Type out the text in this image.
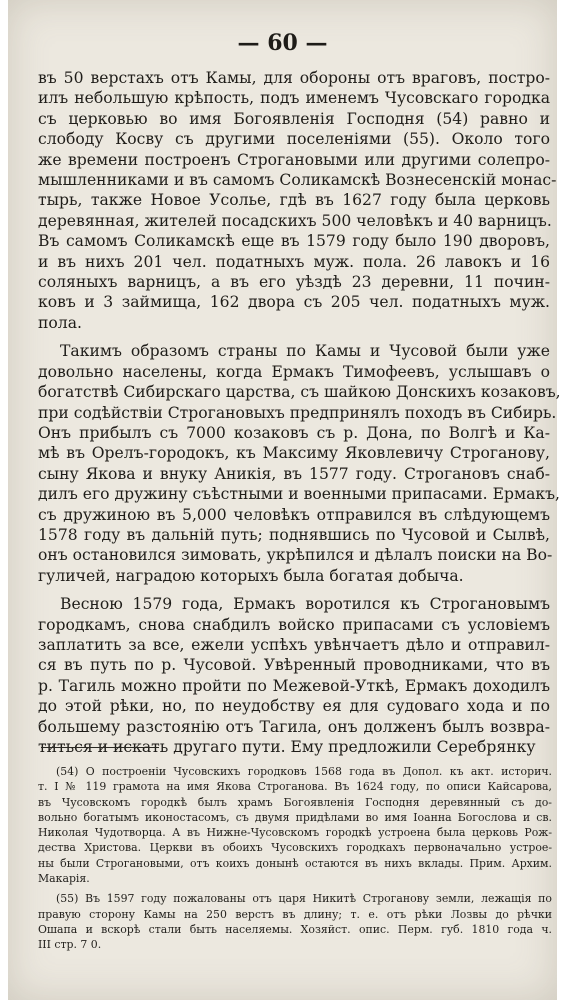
— 60 —
въ 50 верстахъ отъ Камы, для обороны отъ враговъ, постро-
илъ небольшую крѣпость, подъ именемъ Чусовскаго городка
съ церковью во имя Богоявленія Господня (54) равно и
слободу Косву съ другими поселеніями (55). Около того
же времени построенъ Строгановыми или другими солепро-
мышленниками и въ самомъ Соликамскѣ Вознесенскій монас-
тырь, также Новое Усолье, гдѣ въ 1627 году была церковь
деревянная, жителей посадскихъ 500 человѣкъ и 40 варницъ.
Въ самомъ Соликамскѣ еще въ 1579 году было 190 дворовъ,
и въ нихъ 201 чел. податныхъ муж. пола. 26 лавокъ и 16
соляныхъ варницъ, а въ его уѣздѣ 23 деревни, 11 почин-
ковъ и 3 займища, 162 двора съ 205 чел. податныхъ муж.
пола.
Такимъ образомъ страны по Камы и Чусовой были уже
довольно населены, когда Ермакъ Тимофеевъ, услышавъ о
богатствѣ Сибирскаго царства, съ шайкою Донскихъ козаковъ,
при содѣйствіи Строгановыхъ предпринялъ походъ въ Сибирь.
Онъ прибылъ съ 7000 козаковъ съ р. Дона, по Волгѣ и Ка-
мѣ въ Орелъ-городокъ, къ Максиму Яковлевичу Строганову,
сыну Якова и внуку Аникія, въ 1577 году. Строгановъ снаб-
дилъ его дружину съѣстными и военными припасами. Ермакъ,
съ дружиною въ 5,000 человѣкъ отправился въ слѣдующемъ
1578 году въ дальній путь; поднявшись по Чусовой и Сылвѣ,
онъ остановился зимовать, укрѣпился и дѣлалъ поиски на Во-
гуличей, наградою которыхъ была богатая добыча.
Весною 1579 года, Ермакъ воротился къ Строгановымъ
городкамъ, снова снабдилъ войско припасами съ условіемъ
заплатить за все, ежели успѣхъ увѣнчаетъ дѣло и отправил-
ся въ путь по р. Чусовой. Увѣренный проводниками, что въ
р. Тагиль можно пройти по Межевой-Уткѣ, Ермакъ доходилъ
до этой рѣки, но, по неудобству ея для судоваго хода и по
большему разстоянію отъ Тагила, онъ долженъ былъ возвра-
титься и искать другаго пути. Ему предложили Серебрянку
(54) О построеніи Чусовскихъ городковъ 1568 года въ Допол. къ акт. историч.
т. I № 119 грамота на имя Якова Строганова. Въ 1624 году, по описи Кайсарова,
въ Чусовскомъ городкѣ былъ храмъ Богоявленія Господня деревянный съ до-
вольно богатымъ иконостасомъ, съ двумя придѣлами во имя Іоанна Богослова и св.
Николая Чудотворца. А въ Нижне-Чусовскомъ городкѣ устроена была церковь Рож-
дества Христова. Церкви въ обоихъ Чусовскихъ городкахъ первоначально устрое-
ны были Строгановыми, отъ коихъ донынѣ остаются въ нихъ вклады. Прим. Архим.
Макарія.
(55) Въ 1597 году пожалованы отъ царя Никитѣ Строганову земли, лежащія по
правую сторону Камы на 250 верстъ въ длину; т. е. отъ рѣки Лозвы до рѣчки
Ошапа и вскорѣ стали быть населяемы. Хозяйст. опис. Перм. губ. 1810 года ч.
III стр. 7 0.
